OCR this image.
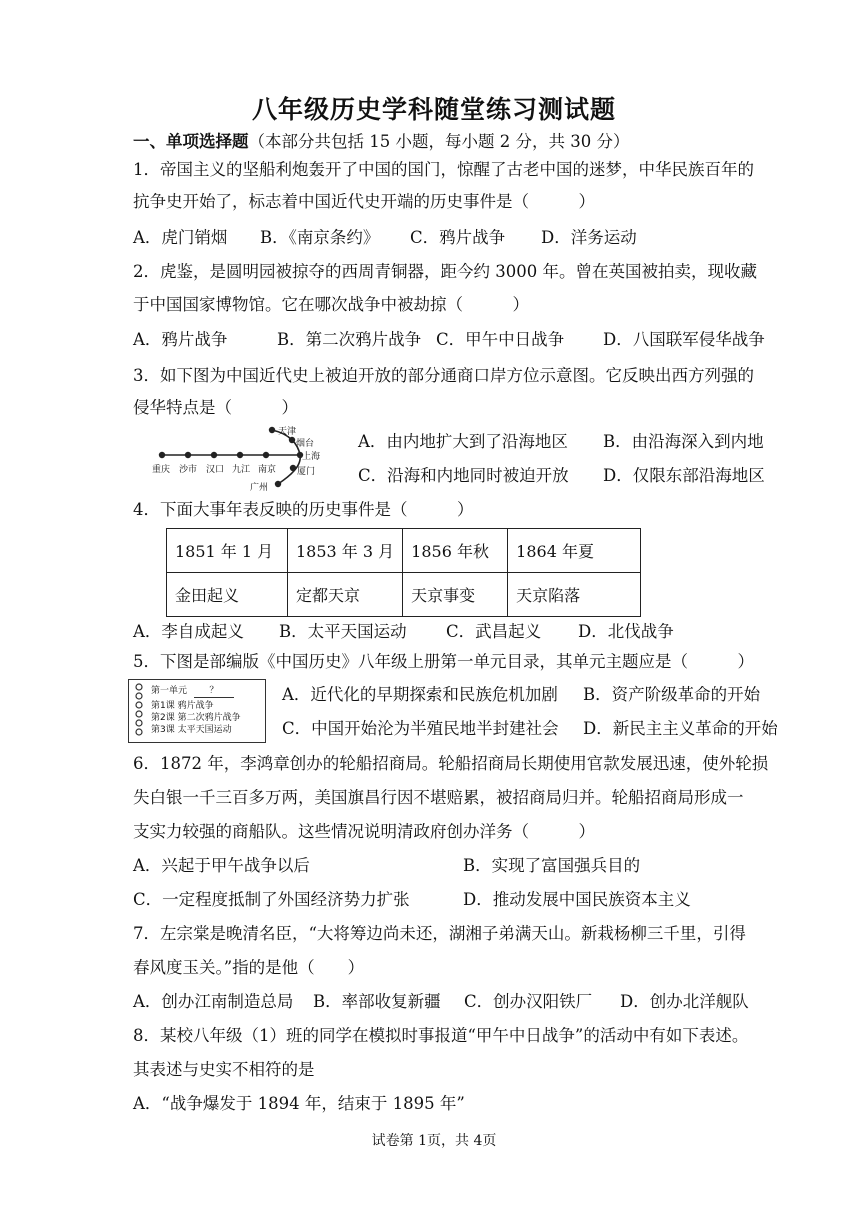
八年级历史学科随堂练习测试题
一、单项选择题（本部分共包括 15 小题，每小题 2 分，共 30 分）
1．帝国主义的坚船利炮轰开了中国的国门，惊醒了古老中国的迷梦，中华民族百年的
抗争史开始了，标志着中国近代史开端的历史事件是（　　　）
A．虎门销烟 B．《南京条约》 C．鸦片战争 D．洋务运动
2．虎鉴，是圆明园被掠夺的西周青铜器，距今约 3000 年。曾在英国被拍卖，现收藏
于中国国家博物馆。它在哪次战争中被劫掠（　　　）
A．鸦片战争	B．第二次鸦片战争 C．甲午中日战争 D．八国联军侵华战争
3．如下图为中国近代史上被迫开放的部分通商口岸方位示意图。它反映出西方列强的
侵华特点是（　　　）
重庆 沙市 汉口 九江 南京
天津
烟台
上海
厦门
广州
A．由内地扩大到了沿海地区 B．由沿海深入到内地
C．沿海和内地同时被迫开放 D．仅限东部沿海地区
4．下面大事年表反映的历史事件是（　　　）
1851 年 1 月	1853 年 3 月	1856 年秋	1864 年夏
金田起义	定都天京	天京事变	天京陷落
A．李自成起义 B．太平天国运动 C．武昌起义 D．北伐战争
5．下图是部编版《中国历史》八年级上册第一单元目录，其单元主题应是（　　　）
第一单元 ？
第1课 鸦片战争
第2课 第二次鸦片战争
第3课 太平天国运动
A．近代化的早期探索和民族危机加剧 B．资产阶级革命的开始
C．中国开始沦为半殖民地半封建社会 D．新民主主义革命的开始
6．1872 年，李鸿章创办的轮船招商局。轮船招商局长期使用官款发展迅速，使外轮损
失白银一千三百多万两，美国旗昌行因不堪赔累，被招商局归并。轮船招商局形成一
支实力较强的商船队。这些情况说明清政府创办洋务（　　　）
A．兴起于甲午战争以后	B．实现了富国强兵目的
C．一定程度抵制了外国经济势力扩张	D．推动发展中国民族资本主义
7．左宗棠是晚清名臣，“大将筹边尚未还，湖湘子弟满天山。新栽杨柳三千里，引得
春风度玉关。”指的是他（　　）
A．创办江南制造总局 B．率部收复新疆 C．创办汉阳铁厂 D．创办北洋舰队
8．某校八年级（1）班的同学在模拟时事报道“甲午中日战争”的活动中有如下表述。
其表述与史实不相符的是
A．“战争爆发于 1894 年，结束于 1895 年”
试卷第 1页，共 4页
